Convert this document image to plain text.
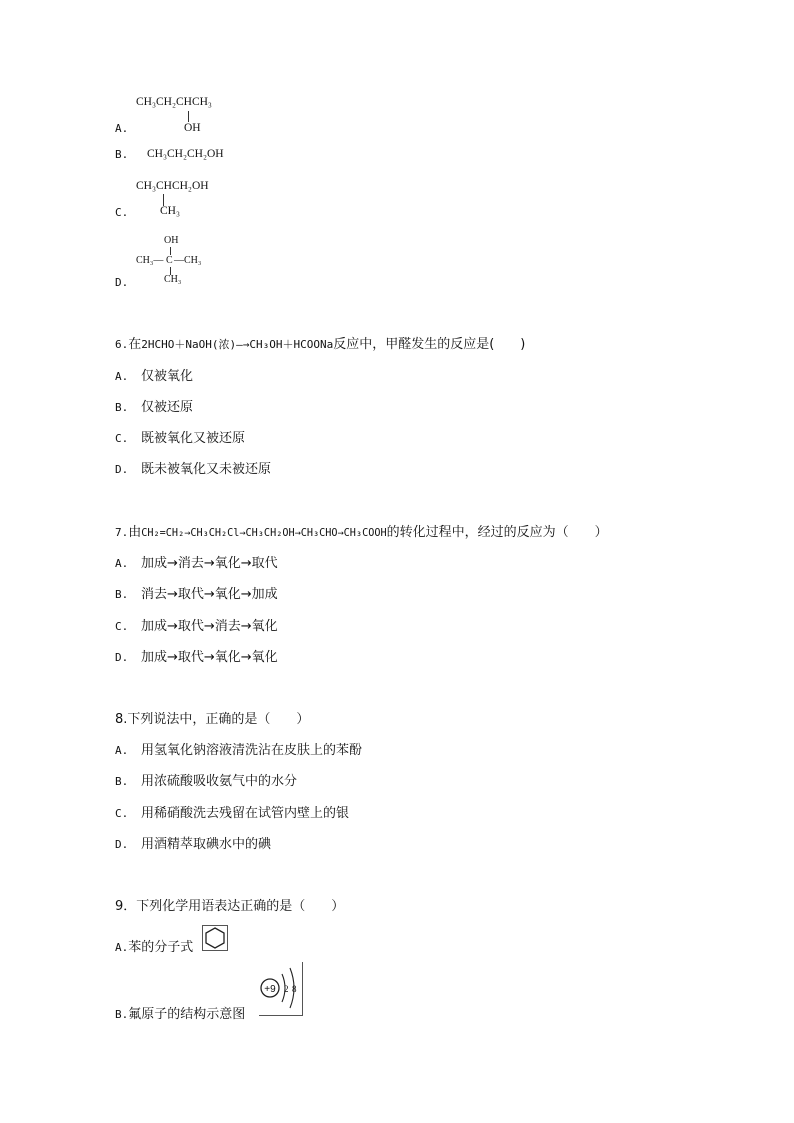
A.
CH₃CH₂CHCH₃
OH
B. CH₃CH₂CH₂OH
C.
CH₃CHCH₂OH
CH₃
D.
OH
CH₃— C —CH₃
CH₃
6.在2HCHO＋NaOH(浓)—→CH₃OH＋HCOONa反应中，甲醛发生的反应是(　　)
A. 仅被氧化
B. 仅被还原
C. 既被氧化又被还原
D. 既未被氧化又未被还原
7.由CH₂=CH₂→CH₃CH₂Cl→CH₃CH₂OH→CH₃CHO→CH₃COOH的转化过程中，经过的反应为（　　）
A. 加成→消去→氧化→取代
B. 消去→取代→氧化→加成
C. 加成→取代→消去→氧化
D. 加成→取代→氧化→氧化
8.下列说法中，正确的是（　　）
A. 用氢氧化钠溶液清洗沾在皮肤上的苯酚
B. 用浓硫酸吸收氨气中的水分
C. 用稀硝酸洗去残留在试管内壁上的银
D. 用酒精萃取碘水中的碘
9．下列化学用语表达正确的是（　　）
A.苯的分子式
B.氟原子的结构示意图
+9 2 8
